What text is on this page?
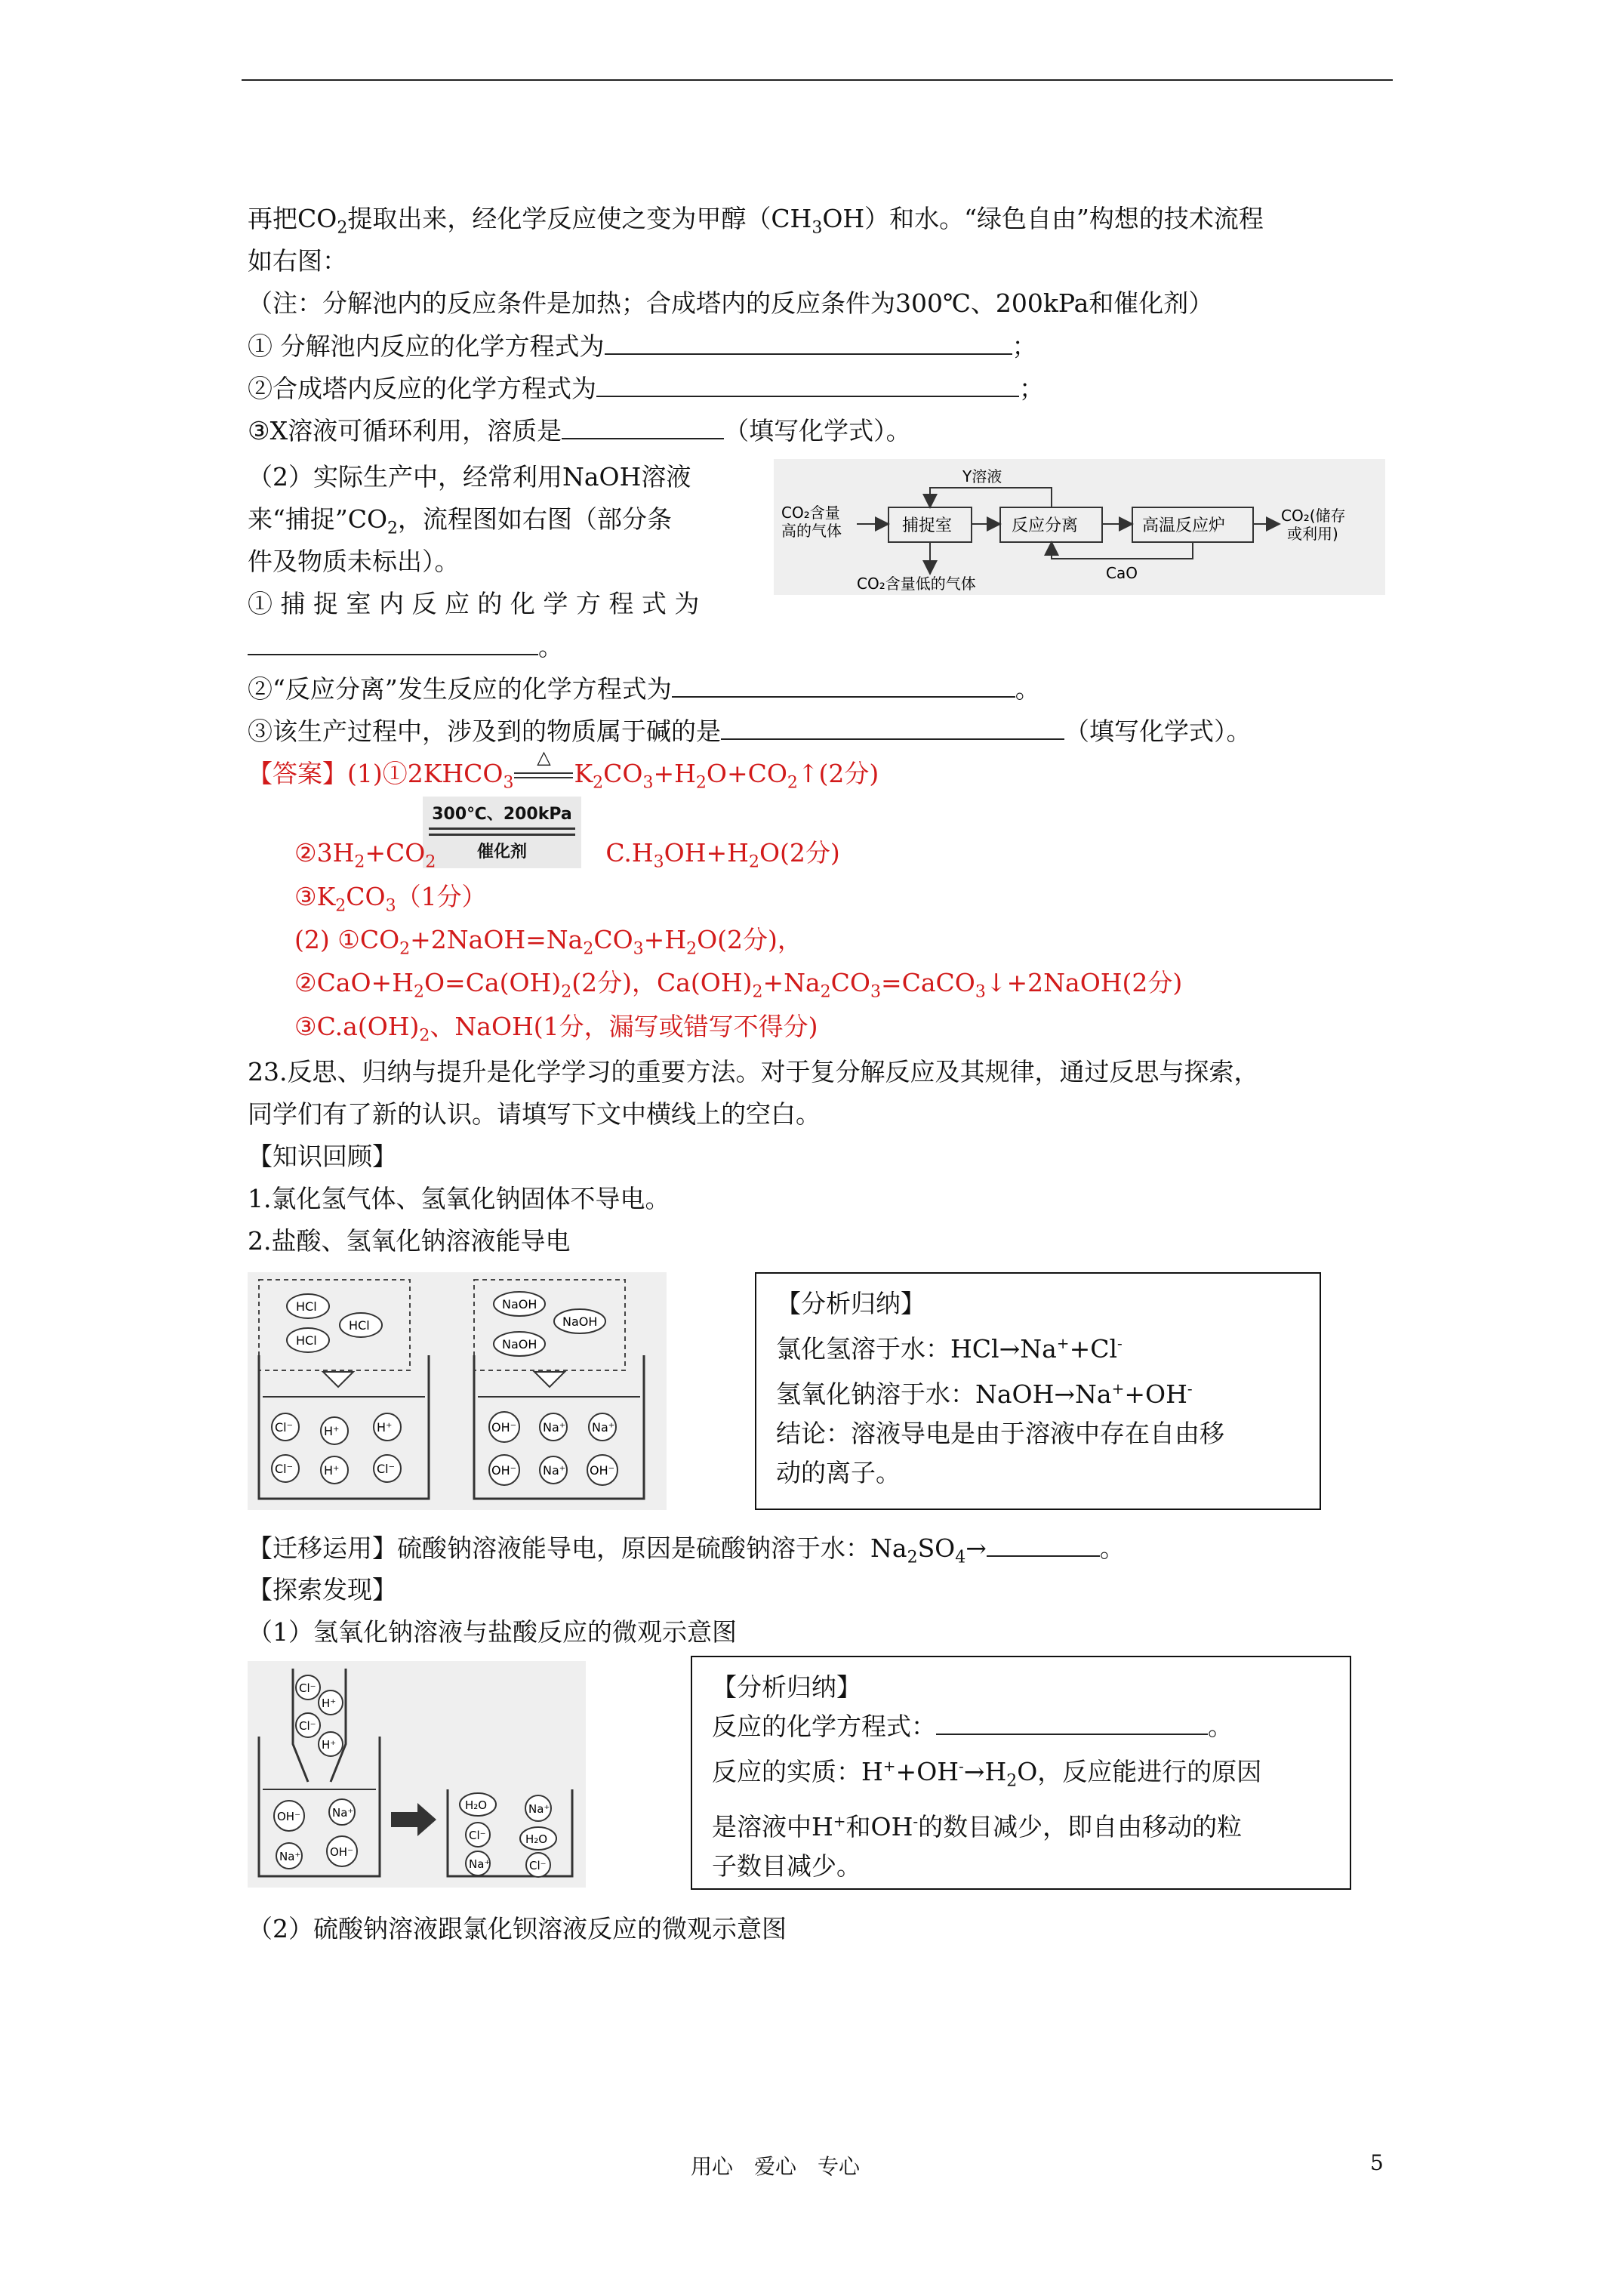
再把$CO_2$提取出来，经化学反应使之变为甲醇$(CH_3OH)$和水。“绿色自由”构想的技术流程
如右图：
（注：分解池内的反应条件是加热；合成塔内的反应条件为300℃、200kPa和催化剂）
① 分解池内反应的化学方程式为	；
②合成塔内反应的化学方程式为	；
③X溶液可循环利用，溶质是	（填写化学式）。
（2）实际生产中，经常利用NaOH溶液
来“捕捉$”CO_2$，流程图如右图（部分条
件及物质未标出）。
① 捕 捉 室 内 反 应 的 化 学 方 程 式 为
。
CO₂含量
高的气体	捕捉室	反应分离	高温反应炉
CO₂(储存
或利用)
Y溶液
CaO
CO₂含量低的气体
②“反应分离”发生反应的化学方程式为	。
③该生产过程中，涉及到的物质属于碱的是	（填写化学式）。
【答案】$(1)①2KHCO_3$
△
$K_2CO_3+H_2O+CO_2↑(2$分)
300℃、200kPa
催化剂
$②3H_2+CO_2$	$C.H_3OH+H_2O(2$分)
$③K_2CO_3(1$分）
(2) $①CO_2+2NaOH=Na_2CO_3+H_2O(2$分)，
$②CaO+H_2O=Ca(OH)_2(2$分)，$Ca(OH)_2+Na_2CO_3=CaCO_3↓+2NaOH(2$分)
$③C.a(OH)_2$、NaOH(1分，漏写或错写不得分)
23.反思、归纳与提升是化学学习的重要方法。对于复分解反应及其规律，通过反思与探索，
同学们有了新的认识。请填写下文中横线上的空白。
【知识回顾】
1.氯化氢气体、氢氧化钠固体不导电。
2.盐酸、氢氧化钠溶液能导电
HCl
HCl
HCl
Cl⁻	H⁺	H⁺
Cl⁻	H⁺	Cl⁻
NaOH
NaOH
NaOH
OH⁻ Na⁺ Na⁺
OH⁻ Na⁺ OH⁻
【分析归纳】
氯化氢溶于水：HCl→Na++Cl-
氢氧化钠溶于水：NaOH→Na++OH-
结论：溶液导电是由于溶液中存在自由移
动的离子。
【迁移运用】硫酸钠溶液能导电，原因是硫酸钠溶于水：$Na_2SO_4\to$	。
【探索发现】
（1）氢氧化钠溶液与盐酸反应的微观示意图
Cl⁻
H⁺
Cl⁻
H⁺
OH⁻	Na⁺
Na⁺	OH⁻
H₂O	Na⁺
Cl⁻	H₂O
Na⁺	Cl⁻
【分析归纳】
反应的化学方程式：	。
反应的实质：$H^++OH^-\to H_2O$，反应能进行的原因
是溶液中H+和OH-的数目减少，即自由移动的粒
子数目减少。
（2）硫酸钠溶液跟氯化钡溶液反应的微观示意图
用心　爱心　专心	5
